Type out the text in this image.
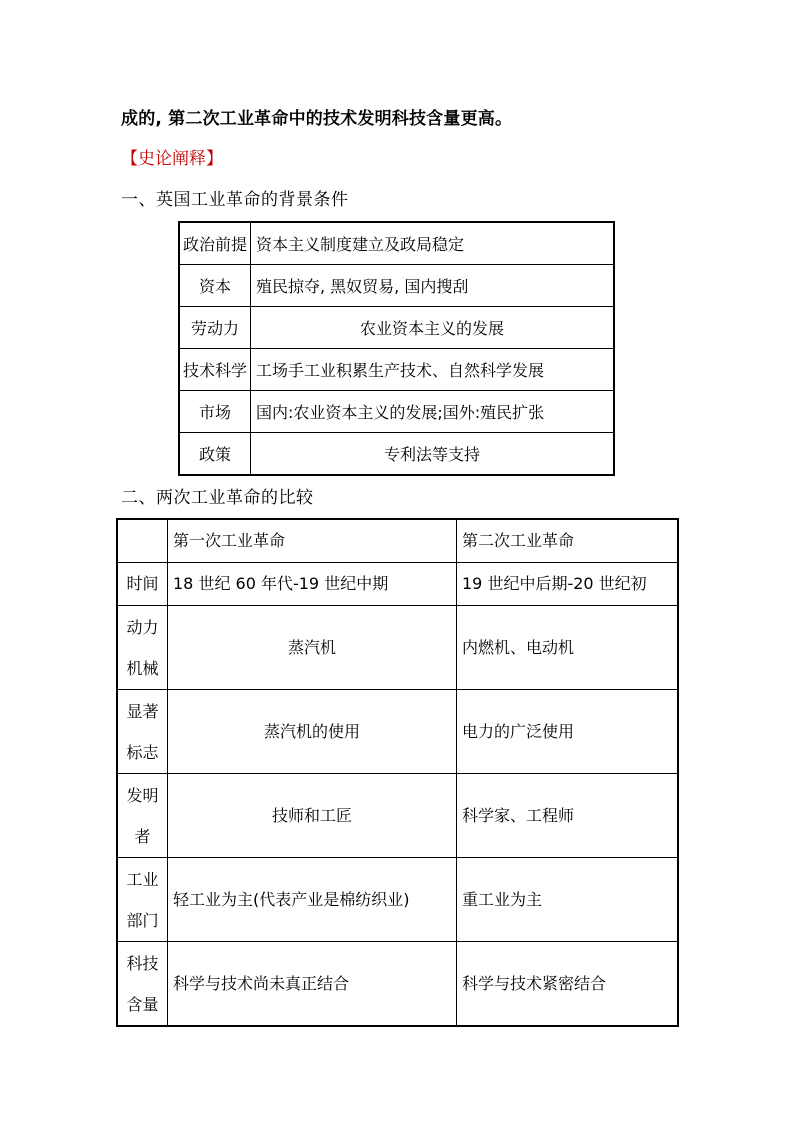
成的, 第二次工业革命中的技术发明科技含量更高。
【史论阐释】
一、英国工业革命的背景条件
政治前提	资本主义制度建立及政局稳定
资本	殖民掠夺, 黑奴贸易, 国内搜刮
劳动力	农业资本主义的发展
技术科学	工场手工业积累生产技术、自然科学发展
市场	国内:农业资本主义的发展;国外:殖民扩张
政策	专利法等支持
二、两次工业革命的比较
	第一次工业革命	第二次工业革命
时间	18 世纪 60 年代-19 世纪中期	19 世纪中后期-20 世纪初
动力
机械	蒸汽机	内燃机、电动机
显著
标志	蒸汽机的使用	电力的广泛使用
发明
者	技师和工匠	科学家、工程师
工业
部门	轻工业为主(代表产业是棉纺织业)	重工业为主
科技
含量	科学与技术尚未真正结合	科学与技术紧密结合
